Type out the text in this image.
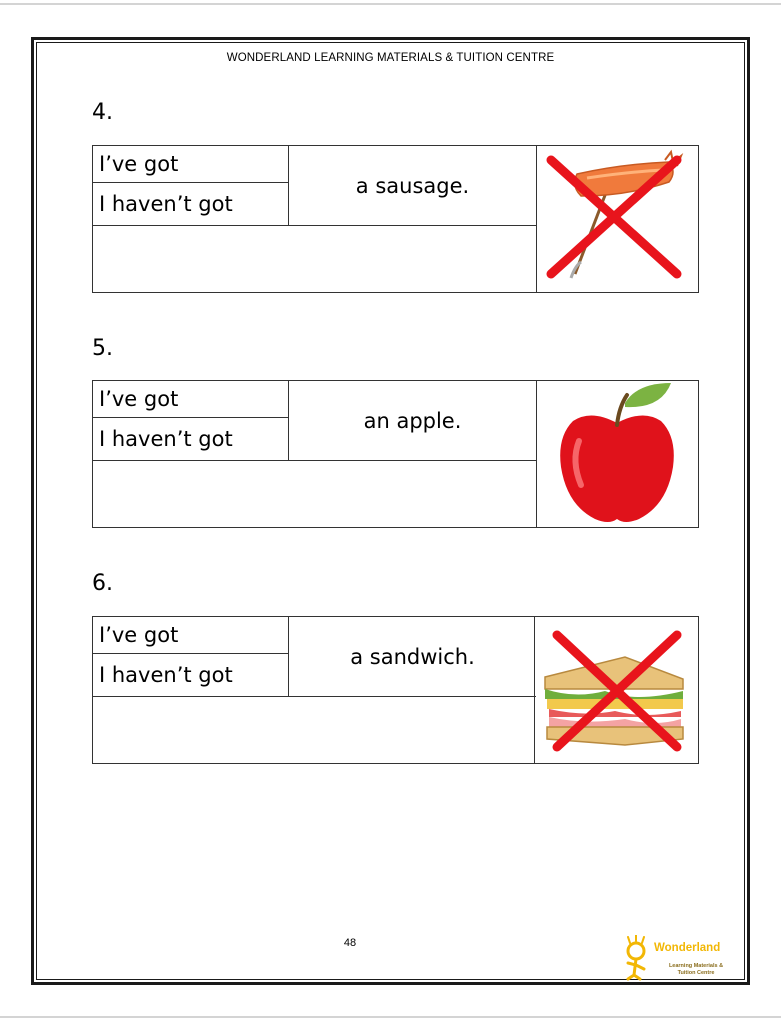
WONDERLAND LEARNING MATERIALS & TUITION CENTRE
4.
I’ve got
I haven’t got
a sausage.
5.
I’ve got
I haven’t got
an apple.
6.
I’ve got
I haven’t got
a sandwich.
48	Wonderland
Learning Materials &
Tuition Centre
